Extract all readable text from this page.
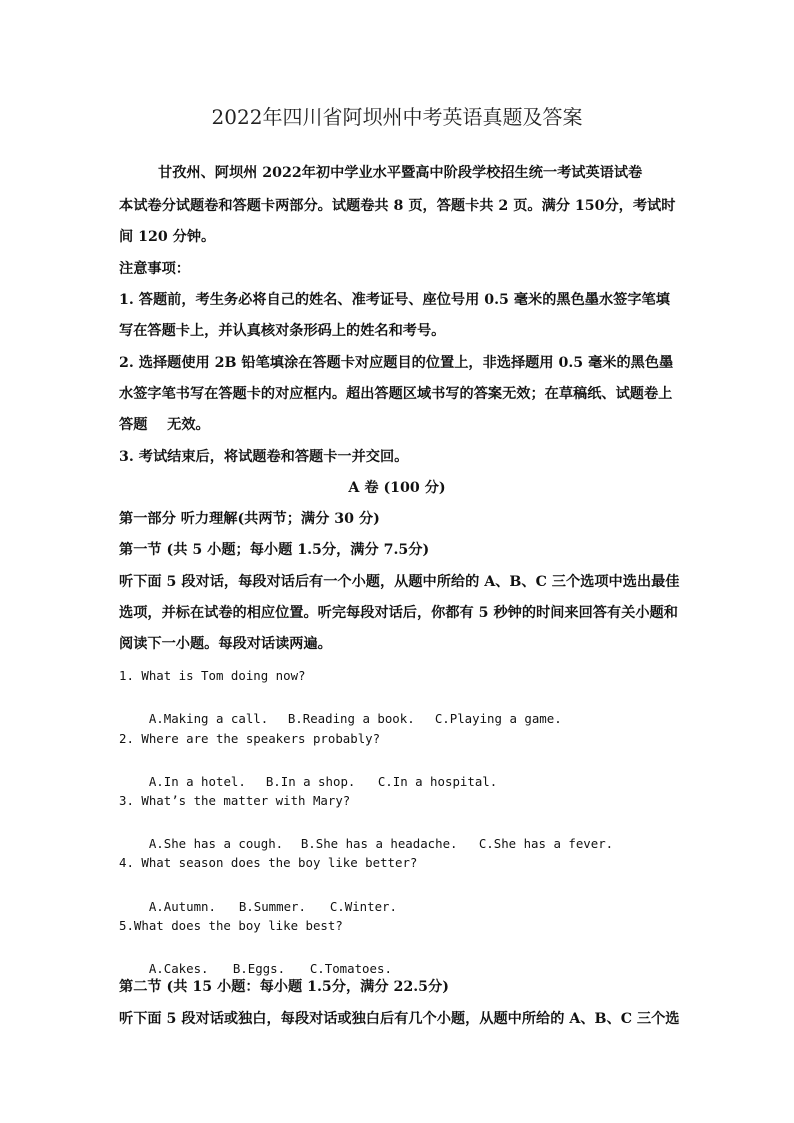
2022年四川省阿坝州中考英语真题及答案
甘孜州、阿坝州 2022年初中学业水平暨高中阶段学校招生统一考试英语试卷
本试卷分试题卷和答题卡两部分。试题卷共 8 页，答题卡共 2 页。满分 150分，考试时
间 120 分钟。
注意事项：
1. 答题前，考生务必将自己的姓名、准考证号、座位号用 0.5 毫米的黑色墨水签字笔填
写在答题卡上，并认真核对条形码上的姓名和考号。
2. 选择题使用 2B 铅笔填涂在答题卡对应题目的位置上，非选择题用 0.5 毫米的黑色墨
水签字笔书写在答题卡的对应框内。超出答题区域书写的答案无效；在草稿纸、试题卷上
答题    无效。
3. 考试结束后，将试题卷和答题卡一并交回。
A 卷 (100 分)
第一部分 听力理解(共两节；满分 30 分)
第一节 (共 5 小题；每小题 1.5分，满分 7.5分)
听下面 5 段对话，每段对话后有一个小题，从题中所给的 A、B、C 三个选项中选出最佳
选项，并标在试卷的相应位置。听完每段对话后，你都有 5 秒钟的时间来回答有关小题和
阅读下一小题。每段对话读两遍。
1. What is Tom doing now?

A.Making a call. B.Reading a book. C.Playing a game.

2. Where are the speakers probably?

A.In a hotel. B.In a shop. C.In a hospital.

3. What’s the matter with Mary?

A.She has a cough. B.She has a headache. C.She has a fever.

4. What season does the boy like better?

A.Autumn. B.Summer. C.Winter.

5.What does the boy like best?

A.Cakes. B.Eggs. C.Tomatoes.

第二节 (共 15 小题：每小题 1.5分，满分 22.5分)
听下面 5 段对话或独白，每段对话或独白后有几个小题，从题中所给的 A、B、C 三个选
